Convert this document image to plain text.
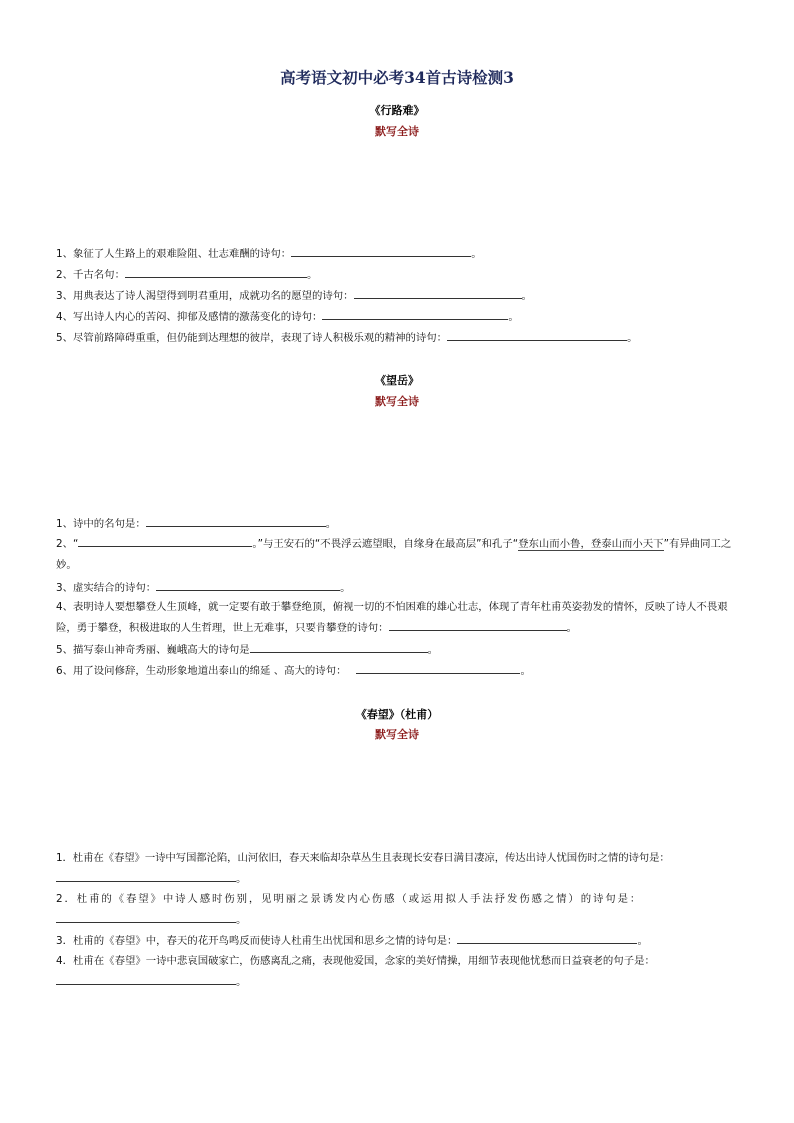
高考语文初中必考34首古诗检测3
《行路难》
默写全诗
1、象征了人生路上的艰难险阻、壮志难酬的诗句：	。
2、千古名句：	。
3、用典表达了诗人渴望得到明君重用，成就功名的愿望的诗句：	。
4、写出诗人内心的苦闷、抑郁及感情的激荡变化的诗句：	。
5、尽管前路障碍重重，但仍能到达理想的彼岸，表现了诗人积极乐观的精神的诗句：	。
《望岳》
默写全诗
1、诗中的名句是：	。
2、“	。”与王安石的“不畏浮云遮望眼，自缘身在最高层”和孔子“登东山而小鲁，登泰山而小天下”有异曲同工之妙。
3、虚实结合的诗句：	。
4、表明诗人要想攀登人生顶峰，就一定要有敢于攀登绝顶，俯视一切的不怕困难的雄心壮志，体现了青年杜甫英姿勃发的情怀，反映了诗人不畏艰险，勇于攀登，积极进取的人生哲理，世上无难事，只要肯攀登的诗句：	。
5、描写泰山神奇秀丽、巍峨高大的诗句是	。
6、用了设问修辞，生动形象地道出泰山的绵延 、高大的诗句：	。
《春望》（杜甫）
默写全诗
1．杜甫在《春望》一诗中写国都沦陷，山河依旧，春天来临却杂草丛生且表现长安春日满目凄凉，传达出诗人忧国伤时之情的诗句是：。
2．杜甫的《春望》中诗人感时伤别，见明丽之景诱发内心伤感（或运用拟人手法抒发伤感之情）的诗句是：。
3．杜甫的《春望》中，春天的花开鸟鸣反而使诗人杜甫生出忧国和思乡之情的诗句是：	。
4．杜甫在《春望》一诗中悲哀国破家亡，伤感离乱之痛，表现他爱国，念家的美好情操，用细节表现他忧愁而日益衰老的句子是：。
